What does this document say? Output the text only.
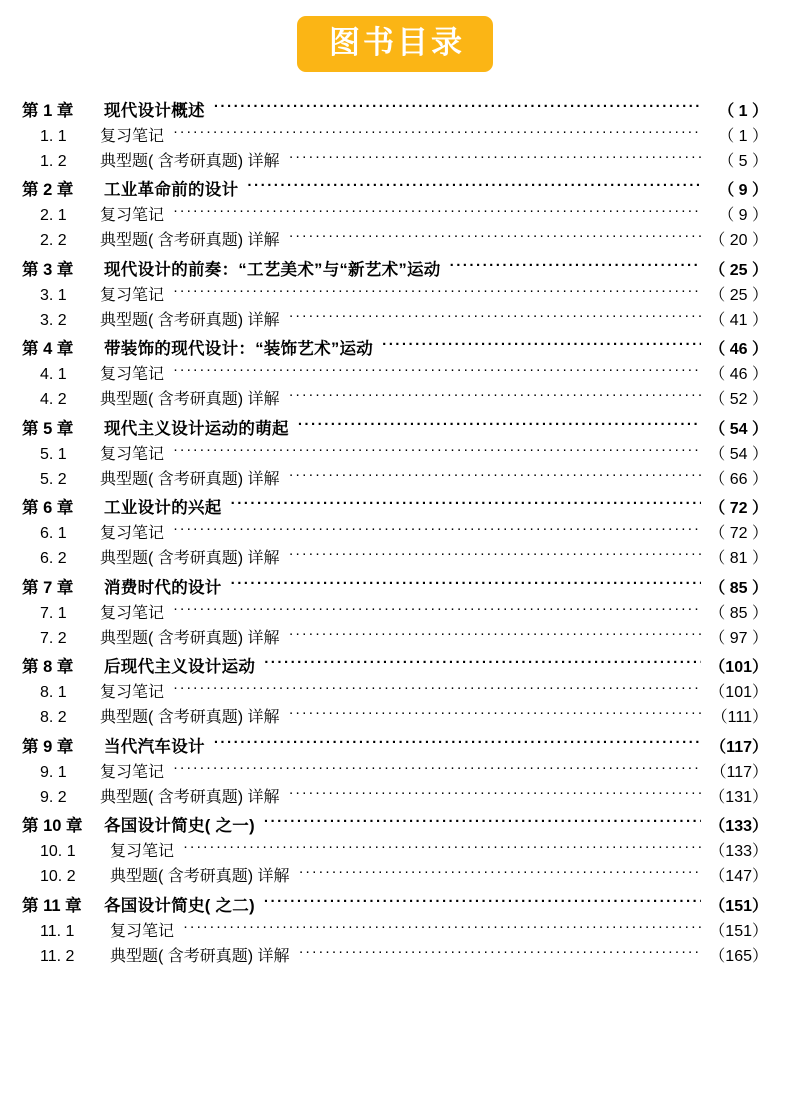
图书目录
第 1 章	现代设计概述 ·····	（ 1 ）
1. 1	复习笔记 ·····	（ 1 ）
1. 2	典型题( 含考研真题) 详解 ·····	（ 5 ）
第 2 章	工业革命前的设计 ·····	（ 9 ）
2. 1	复习笔记 ·····	（ 9 ）
2. 2	典型题( 含考研真题) 详解 ·····	（ 20 ）
第 3 章	现代设计的前奏：“工艺美术”与“新艺术”运动 ·····	（ 25 ）
3. 1	复习笔记 ·····	（ 25 ）
3. 2	典型题( 含考研真题) 详解 ·····	（ 41 ）
第 4 章	带装饰的现代设计：“装饰艺术”运动 ·····	（ 46 ）
4. 1	复习笔记 ·····	（ 46 ）
4. 2	典型题( 含考研真题) 详解 ·····	（ 52 ）
第 5 章	现代主义设计运动的萌起 ·····	（ 54 ）
5. 1	复习笔记 ·····	（ 54 ）
5. 2	典型题( 含考研真题) 详解 ·····	（ 66 ）
第 6 章	工业设计的兴起 ·····	（ 72 ）
6. 1	复习笔记 ·····	（ 72 ）
6. 2	典型题( 含考研真题) 详解 ·····	（ 81 ）
第 7 章	消费时代的设计 ·····	（ 85 ）
7. 1	复习笔记 ·····	（ 85 ）
7. 2	典型题( 含考研真题) 详解 ·····	（ 97 ）
第 8 章	后现代主义设计运动 ·····	（101）
8. 1	复习笔记 ·····	（101）
8. 2	典型题( 含考研真题) 详解 ·····	（111）
第 9 章	当代汽车设计 ·····	（117）
9. 1	复习笔记 ·····	（117）
9. 2	典型题( 含考研真题) 详解 ·····	（131）
第 10 章	各国设计简史( 之一) ·····	（133）
10. 1	复习笔记 ·····	（133）
10. 2	典型题( 含考研真题) 详解 ·····	（147）
第 11 章	各国设计简史( 之二) ·····	（151）
11. 1	复习笔记 ·····	（151）
11. 2	典型题( 含考研真题) 详解 ·····	（165）
